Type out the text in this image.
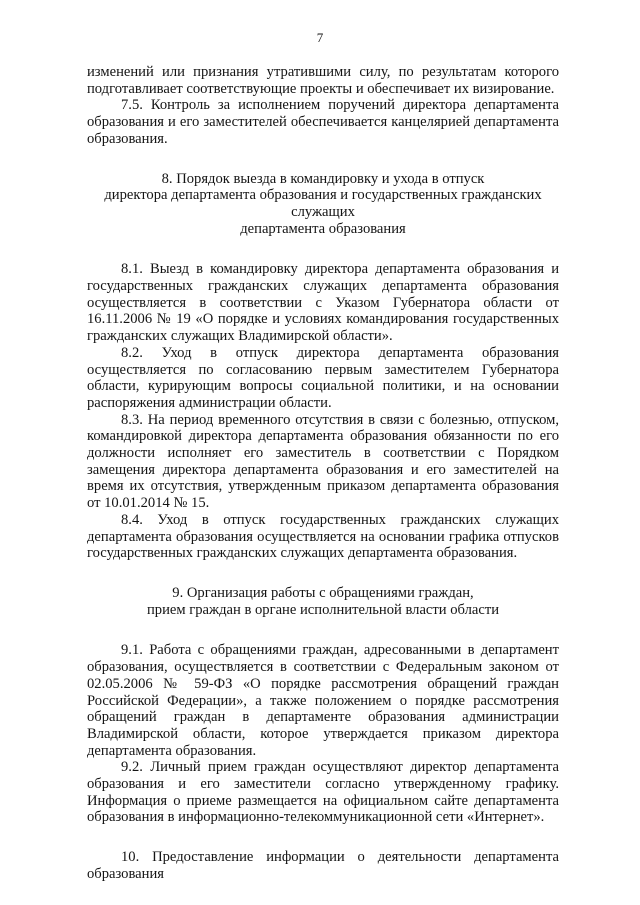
7

изменений или признания утратившими силу, по результатам которого подготавливает соответствующие проекты и обеспечивает их визирование.

7.5. Контроль за исполнением поручений директора департамента образования и его заместителей обеспечивается канцелярией департамента образования.

8. Порядок выезда в командировку и ухода в отпуск
директора департамента образования и государственных гражданских служащих
департамента образования

8.1. Выезд в командировку директора департамента образования и государственных гражданских служащих департамента образования осуществляется в соответствии с Указом Губернатора области от 16.11.2006 № 19 «О порядке и условиях командирования государственных гражданских служащих Владимирской области».

8.2. Уход в отпуск директора департамента образования осуществляется по согласованию первым заместителем Губернатора области, курирующим вопросы социальной политики, и на основании распоряжения администрации области.

8.3. На период временного отсутствия в связи с болезнью, отпуском, командировкой директора департамента образования обязанности по его должности исполняет его заместитель в соответствии с Порядком замещения директора департамента образования и его заместителей на время их отсутствия, утвержденным приказом департамента образования от 10.01.2014 № 15.

8.4. Уход в отпуск государственных гражданских служащих департамента образования осуществляется на основании графика отпусков государственных гражданских служащих департамента образования.

9. Организация работы с обращениями граждан,
прием граждан в органе исполнительной власти области

9.1. Работа с обращениями граждан, адресованными в департамент образования, осуществляется в соответствии с Федеральным законом от 02.05.2006 № 59-ФЗ «О порядке рассмотрения обращений граждан Российской Федерации», а также положением о порядке рассмотрения обращений граждан в департаменте образования администрации Владимирской области, которое утверждается приказом директора департамента образования.

9.2. Личный прием граждан осуществляют директор департамента образования и его заместители согласно утвержденному графику. Информация о приеме размещается на официальном сайте департамента образования в информационно-телекоммуникационной сети «Интернет».

10. Предоставление информации о деятельности департамента образования
